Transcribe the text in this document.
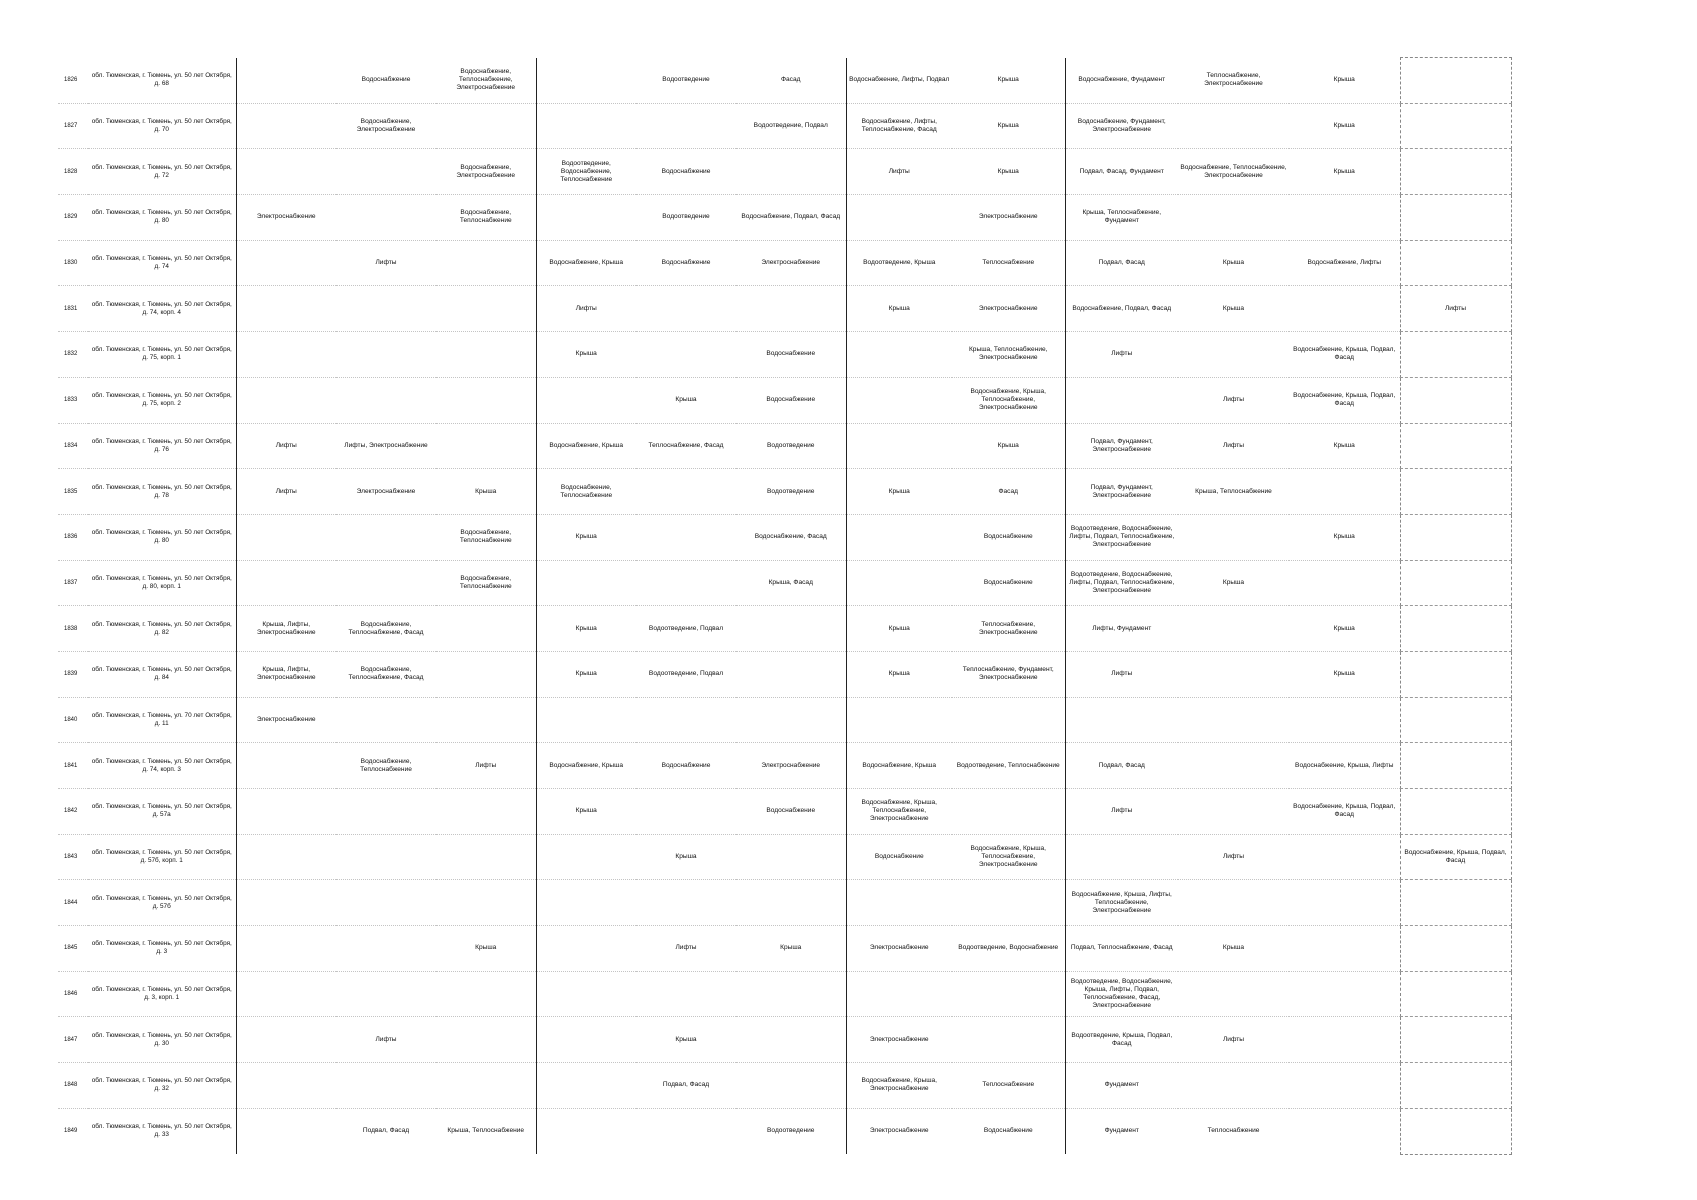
1826	обл. Тюменская, г. Тюмень, ул. 50 лет Октября, д. 68		Водоснабжение	Водоснабжение, Теплоснабжение, Электроснабжение		Водоотведение	Фасад	Водоснабжение, Лифты, Подвал	Крыша	Водоснабжение, Фундамент	Теплоснабжение, Электроснабжение	Крыша	
1827	обл. Тюменская, г. Тюмень, ул. 50 лет Октября, д. 70		Водоснабжение, Электроснабжение				Водоотведение, Подвал	Водоснабжение, Лифты, Теплоснабжение, Фасад	Крыша	Водоснабжение, Фундамент, Электроснабжение		Крыша	
1828	обл. Тюменская, г. Тюмень, ул. 50 лет Октября, д. 72			Водоснабжение, Электроснабжение	Водоотведение, Водоснабжение, Теплоснабжение	Водоснабжение		Лифты	Крыша	Подвал, Фасад, Фундамент	Водоснабжение, Теплоснабжение, Электроснабжение	Крыша	
1829	обл. Тюменская, г. Тюмень, ул. 50 лет Октября, д. 80	Электроснабжение		Водоснабжение, Теплоснабжение		Водоотведение	Водоснабжение, Подвал, Фасад		Электроснабжение	Крыша, Теплоснабжение, Фундамент			
1830	обл. Тюменская, г. Тюмень, ул. 50 лет Октября, д. 74		Лифты		Водоснабжение, Крыша	Водоснабжение	Электроснабжение	Водоотведение, Крыша	Теплоснабжение	Подвал, Фасад	Крыша	Водоснабжение, Лифты	
1831	обл. Тюменская, г. Тюмень, ул. 50 лет Октября, д. 74, корп. 4				Лифты			Крыша	Электроснабжение	Водоснабжение, Подвал, Фасад	Крыша		Лифты
1832	обл. Тюменская, г. Тюмень, ул. 50 лет Октября, д. 75, корп. 1				Крыша		Водоснабжение		Крыша, Теплоснабжение, Электроснабжение	Лифты		Водоснабжение, Крыша, Подвал, Фасад	
1833	обл. Тюменская, г. Тюмень, ул. 50 лет Октября, д. 75, корп. 2					Крыша	Водоснабжение		Водоснабжение, Крыша, Теплоснабжение, Электроснабжение		Лифты	Водоснабжение, Крыша, Подвал, Фасад	
1834	обл. Тюменская, г. Тюмень, ул. 50 лет Октября, д. 76	Лифты	Лифты, Электроснабжение		Водоснабжение, Крыша	Теплоснабжение, Фасад	Водоотведение		Крыша	Подвал, Фундамент, Электроснабжение	Лифты	Крыша	
1835	обл. Тюменская, г. Тюмень, ул. 50 лет Октября, д. 78	Лифты	Электроснабжение	Крыша	Водоснабжение, Теплоснабжение		Водоотведение	Крыша	Фасад	Подвал, Фундамент, Электроснабжение	Крыша, Теплоснабжение		
1836	обл. Тюменская, г. Тюмень, ул. 50 лет Октября, д. 80			Водоснабжение, Теплоснабжение	Крыша		Водоснабжение, Фасад		Водоснабжение	Водоотведение, Водоснабжение, Лифты, Подвал, Теплоснабжение, Электроснабжение		Крыша	
1837	обл. Тюменская, г. Тюмень, ул. 50 лет Октября, д. 80, корп. 1			Водоснабжение, Теплоснабжение			Крыша, Фасад		Водоснабжение	Водоотведение, Водоснабжение, Лифты, Подвал, Теплоснабжение, Электроснабжение	Крыша		
1838	обл. Тюменская, г. Тюмень, ул. 50 лет Октября, д. 82	Крыша, Лифты, Электроснабжение	Водоснабжение, Теплоснабжение, Фасад		Крыша	Водоотведение, Подвал		Крыша	Теплоснабжение, Электроснабжение	Лифты, Фундамент		Крыша	
1839	обл. Тюменская, г. Тюмень, ул. 50 лет Октября, д. 84	Крыша, Лифты, Электроснабжение	Водоснабжение, Теплоснабжение, Фасад		Крыша	Водоотведение, Подвал		Крыша	Теплоснабжение, Фундамент, Электроснабжение	Лифты		Крыша	
1840	обл. Тюменская, г. Тюмень, ул. 70 лет Октября, д. 11	Электроснабжение											
1841	обл. Тюменская, г. Тюмень, ул. 50 лет Октября, д. 74, корп. 3		Водоснабжение, Теплоснабжение	Лифты	Водоснабжение, Крыша	Водоснабжение	Электроснабжение	Водоснабжение, Крыша	Водоотведение, Теплоснабжение	Подвал, Фасад		Водоснабжение, Крыша, Лифты	
1842	обл. Тюменская, г. Тюмень, ул. 50 лет Октября, д. 57а				Крыша		Водоснабжение	Водоснабжение, Крыша, Теплоснабжение, Электроснабжение		Лифты		Водоснабжение, Крыша, Подвал, Фасад	
1843	обл. Тюменская, г. Тюмень, ул. 50 лет Октября, д. 57б, корп. 1					Крыша		Водоснабжение	Водоснабжение, Крыша, Теплоснабжение, Электроснабжение		Лифты		Водоснабжение, Крыша, Подвал, Фасад
1844	обл. Тюменская, г. Тюмень, ул. 50 лет Октября, д. 57б									Водоснабжение, Крыша, Лифты, Теплоснабжение, Электроснабжение			
1845	обл. Тюменская, г. Тюмень, ул. 50 лет Октября, д. 3			Крыша		Лифты	Крыша	Электроснабжение	Водоотведение, Водоснабжение	Подвал, Теплоснабжение, Фасад	Крыша		
1846	обл. Тюменская, г. Тюмень, ул. 50 лет Октября, д. 3, корп. 1									Водоотведение, Водоснабжение, Крыша, Лифты, Подвал, Теплоснабжение, Фасад, Электроснабжение			
1847	обл. Тюменская, г. Тюмень, ул. 50 лет Октября, д. 30		Лифты			Крыша		Электроснабжение		Водоотведение, Крыша, Подвал, Фасад	Лифты		
1848	обл. Тюменская, г. Тюмень, ул. 50 лет Октября, д. 32					Подвал, Фасад		Водоснабжение, Крыша, Электроснабжение	Теплоснабжение	Фундамент			
1849	обл. Тюменская, г. Тюмень, ул. 50 лет Октября, д. 33		Подвал, Фасад	Крыша, Теплоснабжение			Водоотведение	Электроснабжение	Водоснабжение	Фундамент	Теплоснабжение		
